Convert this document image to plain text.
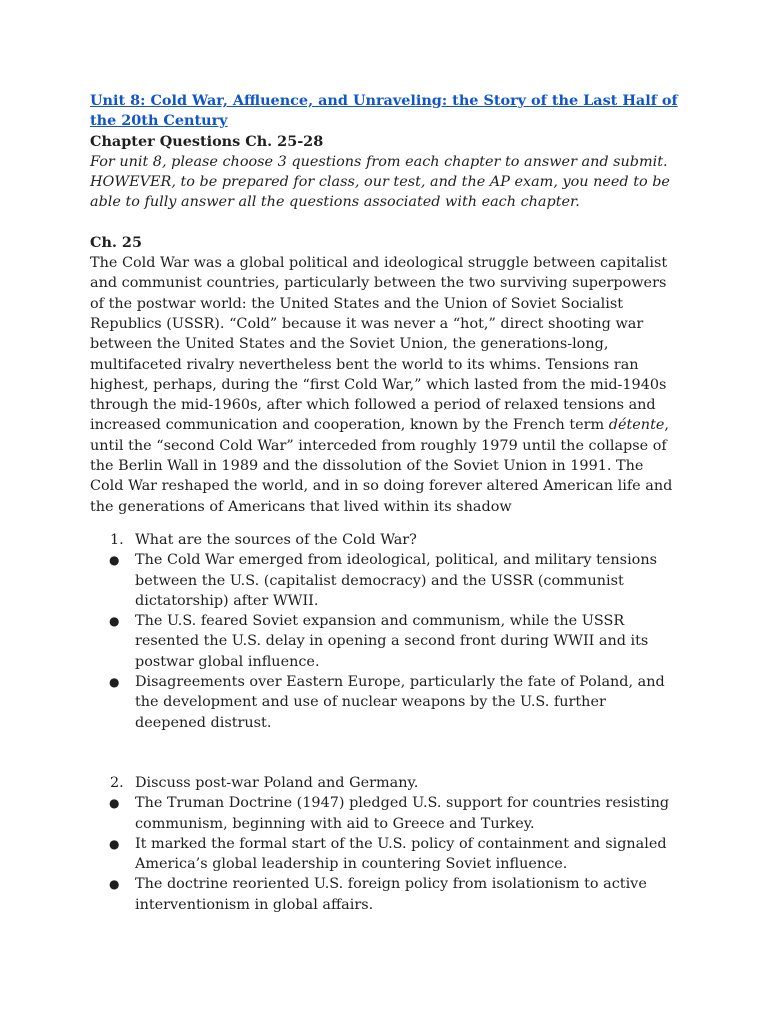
Unit 8: Cold War, Affluence, and Unraveling: the Story of the Last Half of the 20th Century
Chapter Questions Ch. 25-28
For unit 8, please choose 3 questions from each chapter to answer and submit. HOWEVER, to be prepared for class, our test, and the AP exam, you need to be able to fully answer all the questions associated with each chapter.
Ch. 25

The Cold War was a global political and ideological struggle between capitalist and communist countries, particularly between the two surviving superpowers of the postwar world: the United States and the Union of Soviet Socialist Republics (USSR). “Cold” because it was never a “hot,” direct shooting war between the United States and the Soviet Union, the generations-long, multifaceted rivalry nevertheless bent the world to its whims. Tensions ran highest, perhaps, during the “first Cold War,” which lasted from the mid-1940s through the mid-1960s, after which followed a period of relaxed tensions and increased communication and cooperation, known by the French term détente, until the “second Cold War” interceded from roughly 1979 until the collapse of the Berlin Wall in 1989 and the dissolution of the Soviet Union in 1991. The Cold War reshaped the world, and in so doing forever altered American life and the generations of Americans that lived within its shadow

1. What are the sources of the Cold War?
● The Cold War emerged from ideological, political, and military tensions between the U.S. (capitalist democracy) and the USSR (communist dictatorship) after WWII.
● The U.S. feared Soviet expansion and communism, while the USSR resented the U.S. delay in opening a second front during WWII and its postwar global influence.
● Disagreements over Eastern Europe, particularly the fate of Poland, and the development and use of nuclear weapons by the U.S. further deepened distrust.
2. Discuss post-war Poland and Germany.
● The Truman Doctrine (1947) pledged U.S. support for countries resisting communism, beginning with aid to Greece and Turkey.
● It marked the formal start of the U.S. policy of containment and signaled America’s global leadership in countering Soviet influence.
● The doctrine reoriented U.S. foreign policy from isolationism to active interventionism in global affairs.
